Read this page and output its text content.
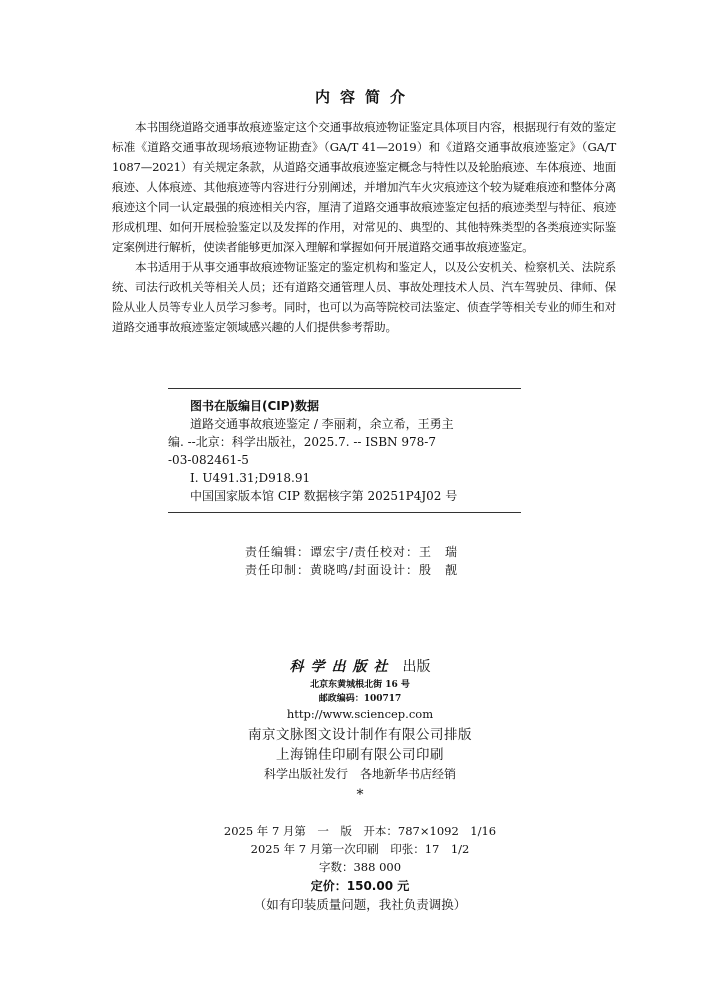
内容简介

本书围绕道路交通事故痕迹鉴定这个交通事故痕迹物证鉴定具体项目内容，根据现行有效的鉴定标准《道路交通事故现场痕迹物证勘查》（GA/T 41—2019）和《道路交通事故痕迹鉴定》（GA/T 1087—2021）有关规定条款，从道路交通事故痕迹鉴定概念与特性以及轮胎痕迹、车体痕迹、地面痕迹、人体痕迹、其他痕迹等内容进行分别阐述，并增加汽车火灾痕迹这个较为疑难痕迹和整体分离痕迹这个同一认定最强的痕迹相关内容，厘清了道路交通事故痕迹鉴定包括的痕迹类型与特征、痕迹形成机理、如何开展检验鉴定以及发挥的作用，对常见的、典型的、其他特殊类型的各类痕迹实际鉴定案例进行解析，使读者能够更加深入理解和掌握如何开展道路交通事故痕迹鉴定。

本书适用于从事交通事故痕迹物证鉴定的鉴定机构和鉴定人，以及公安机关、检察机关、法院系统、司法行政机关等相关人员；还有道路交通管理人员、事故处理技术人员、汽车驾驶员、律师、保险从业人员等专业人员学习参考。同时，也可以为高等院校司法鉴定、侦查学等相关专业的师生和对道路交通事故痕迹鉴定领域感兴趣的人们提供参考帮助。

图书在版编目(CIP)数据
道路交通事故痕迹鉴定 / 李丽莉，余立希，王勇主
编. --北京：科学出版社，2025.7. -- ISBN 978-7
-03-082461-5
Ⅰ. U491.31;D918.91
中国国家版本馆 CIP 数据核字第 20251P4J02 号
责任编辑：谭宏宇/责任校对：王　瑞
责任印制：黄晓鸣/封面设计：殷　靓
科学出版社 出版
北京东黄城根北街 16 号
邮政编码：100717
http://www.sciencep.com
南京文脉图文设计制作有限公司排版
上海锦佳印刷有限公司印刷
科学出版社发行　各地新华书店经销
*
2025 年 7 月第　一　版　开本：787×1092　1/16
2025 年 7 月第一次印刷　印张：17　1/2
字数：388 000
定价：150.00 元
（如有印装质量问题，我社负责调换）
